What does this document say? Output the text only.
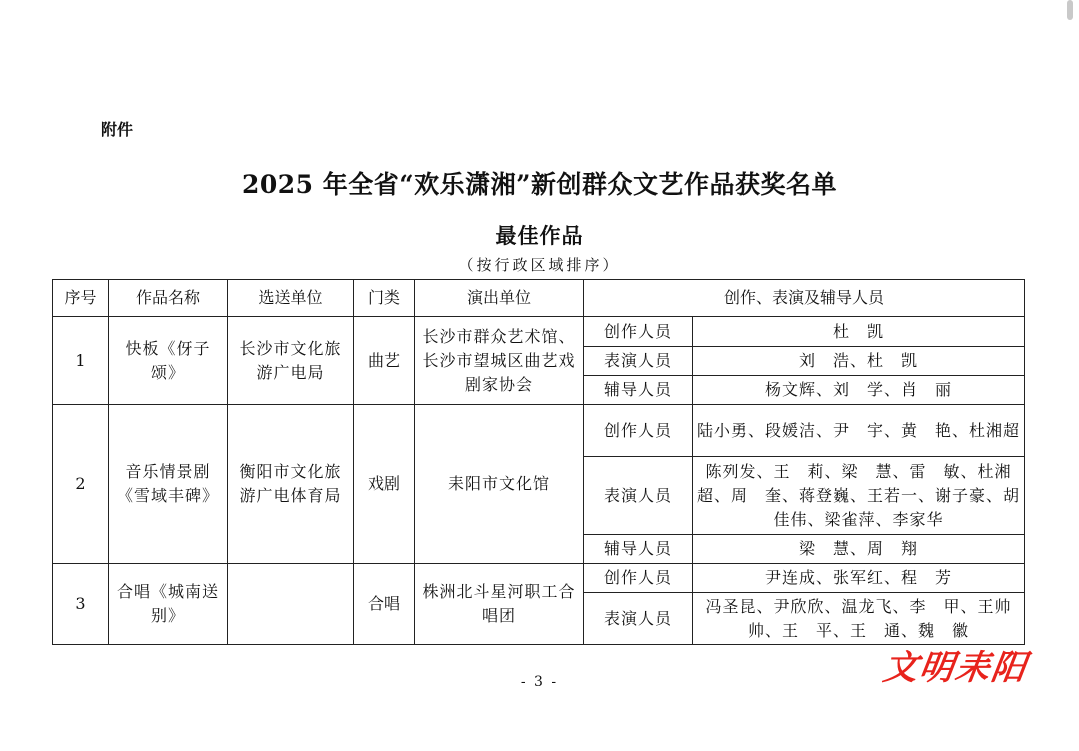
附件
2025 年全省“欢乐潇湘”新创群众文艺作品获奖名单
最佳作品
（按行政区域排序）
序号	作品名称	选送单位	门类	演出单位	创作、表演及辅导人员	
1	快板《伢子颂》	长沙市文化旅游广电局	曲艺	长沙市群众艺术馆、长沙市望城区曲艺戏剧家协会	创作人员	杜　凯
					表演人员	刘　浩、杜　凯
					辅导人员	杨文辉、刘　学、肖　丽
2	音乐情景剧《雪域丰碑》	衡阳市文化旅游广电体育局	戏剧	耒阳市文化馆	创作人员	陆小勇、段媛洁、尹　宇、黄　艳、杜湘超
					表演人员	陈列发、王　莉、梁　慧、雷　敏、杜湘超、周　奎、蒋登巍、王若一、谢子豪、胡佳伟、梁雀萍、李家华
					辅导人员	梁　慧、周　翔
3	合唱《城南送别》		合唱	株洲北斗星河职工合唱团	创作人员	尹连成、张军红、程　芳
					表演人员	冯圣昆、尹欣欣、温龙飞、李　甲、王帅帅、王　平、王　通、魏　徽
- 3 -	文明耒阳
